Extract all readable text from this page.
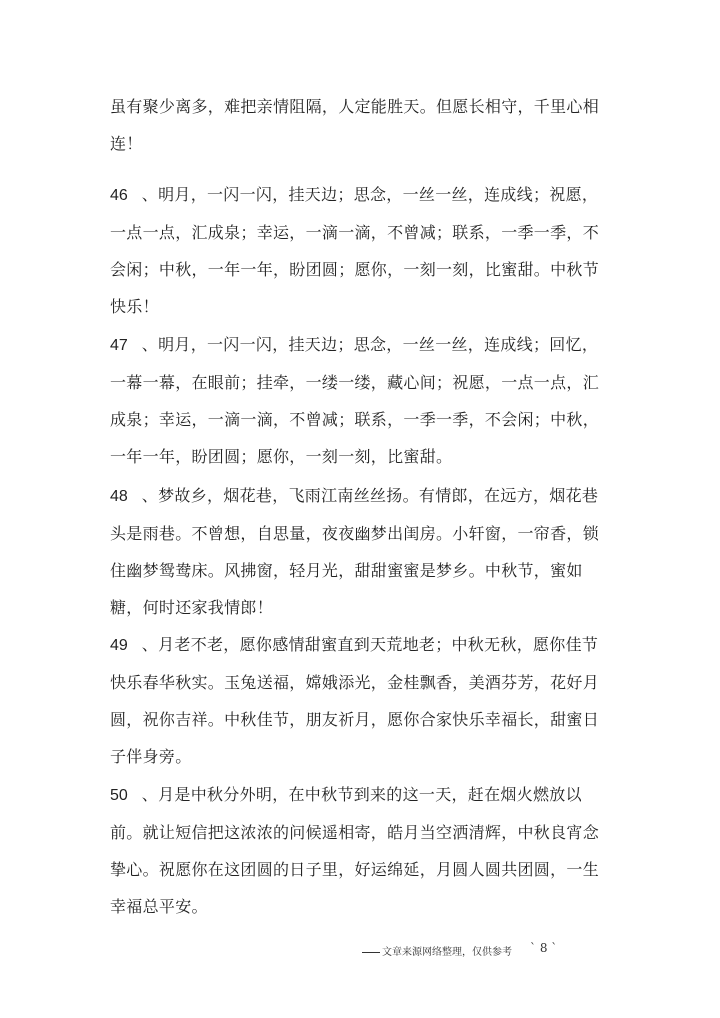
虽有聚少离多，难把亲情阻隔，人定能胜天。但愿长相守，千里心相连！

46 、明月，一闪一闪，挂天边；思念，一丝一丝，连成线；祝愿，一点一点，汇成泉；幸运，一滴一滴，不曾减；联系，一季一季，不会闲；中秋，一年一年，盼团圆；愿你，一刻一刻，比蜜甜。中秋节快乐！

47 、明月，一闪一闪，挂天边；思念，一丝一丝，连成线；回忆，一幕一幕，在眼前；挂牵，一缕一缕，藏心间；祝愿，一点一点，汇成泉；幸运，一滴一滴，不曾减；联系，一季一季，不会闲；中秋，一年一年，盼团圆；愿你，一刻一刻，比蜜甜。

48 、梦故乡，烟花巷，飞雨江南丝丝扬。有情郎，在远方，烟花巷头是雨巷。不曾想，自思量，夜夜幽梦出闺房。小轩窗，一帘香，锁住幽梦鸳鸯床。风拂窗，轻月光，甜甜蜜蜜是梦乡。中秋节，蜜如糖，何时还家我情郎！

49 、月老不老，愿你感情甜蜜直到天荒地老；中秋无秋，愿你佳节快乐春华秋实。玉兔送福，嫦娥添光，金桂飘香，美酒芬芳，花好月圆，祝你吉祥。中秋佳节，朋友祈月，愿你合家快乐幸福长，甜蜜日子伴身旁。

50 、月是中秋分外明，在中秋节到来的这一天，赶在烟火燃放以前。就让短信把这浓浓的问候遥相寄，皓月当空洒清辉，中秋良宵念挚心。祝愿你在这团圆的日子里，好运绵延，月圆人圆共团圆，一生幸福总平安。

文章来源网络整理，仅供参考 ` 8 `
